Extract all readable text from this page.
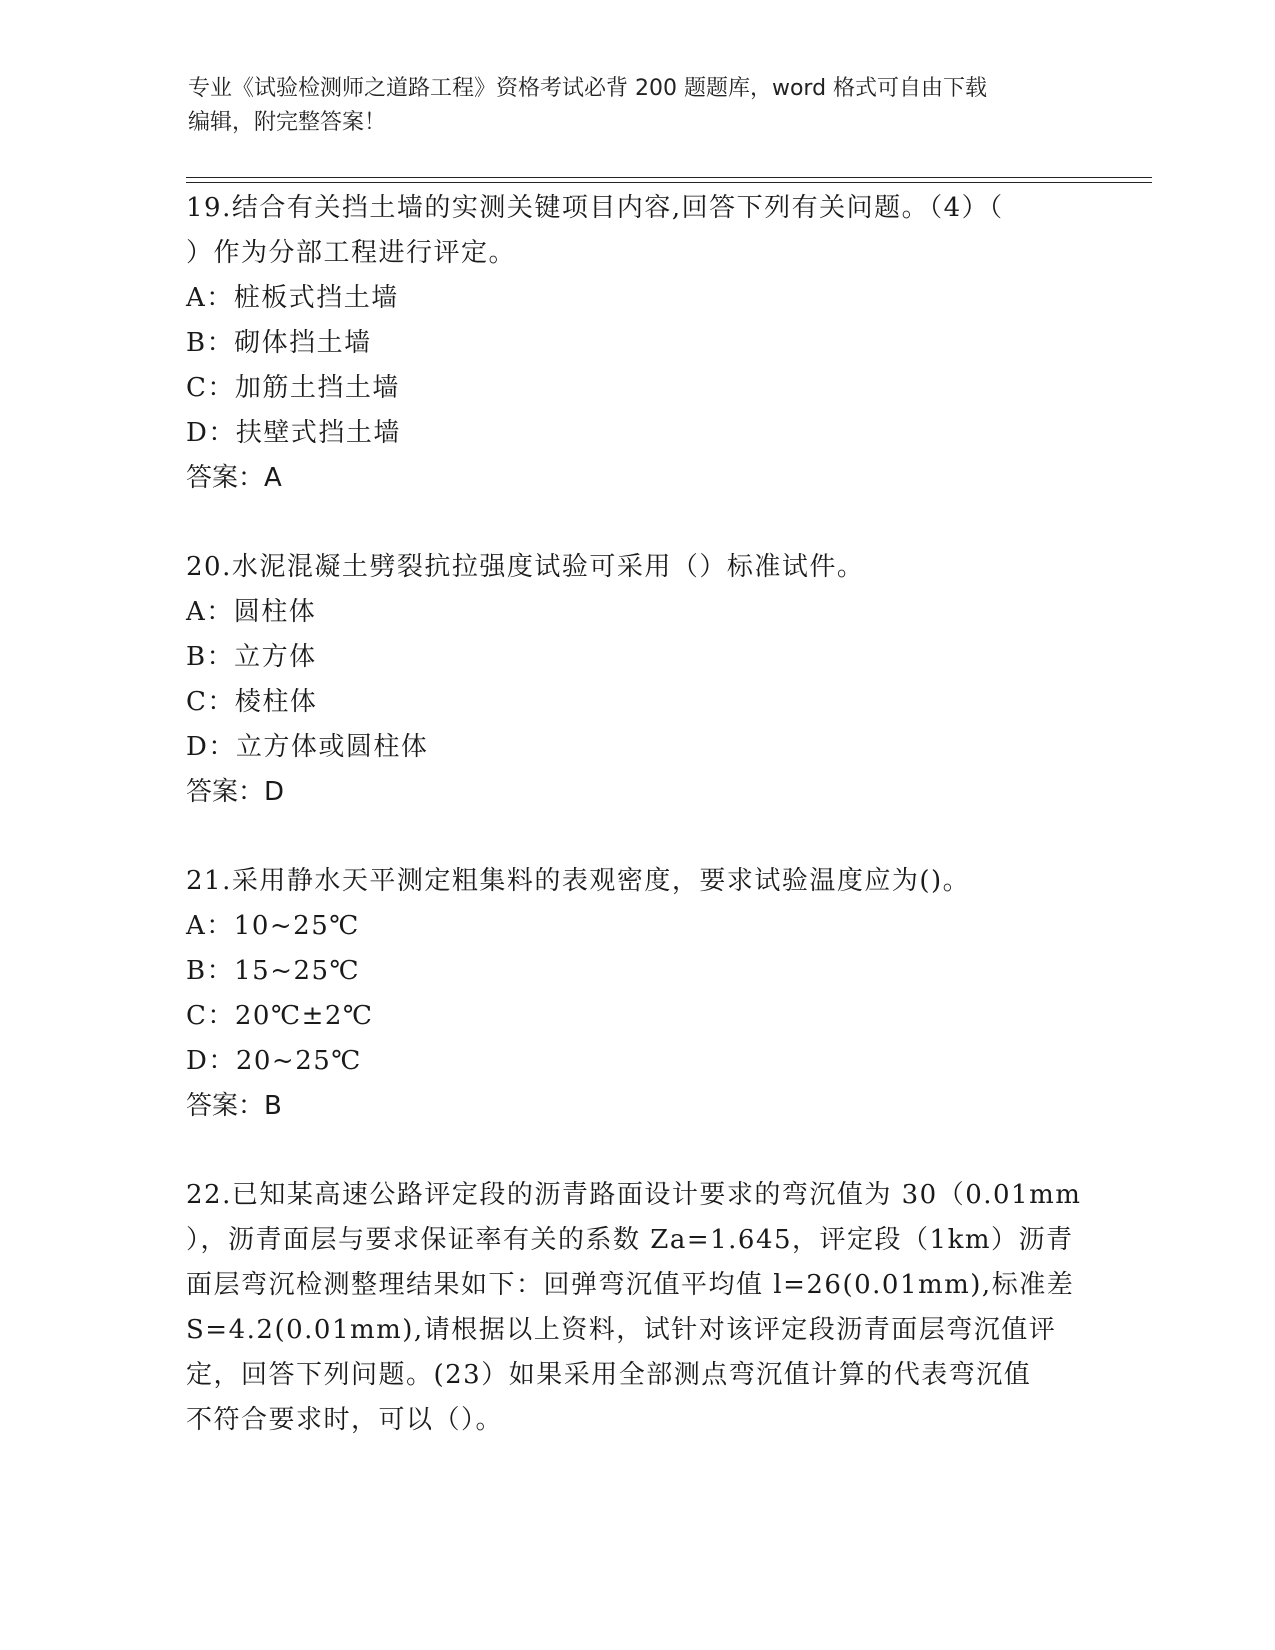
专业《试验检测师之道路工程》资格考试必背 200 题题库，word 格式可自由下载
编辑，附完整答案！
19.结合有关挡土墙的实测关键项目内容,回答下列有关问题。（4）（
）作为分部工程进行评定。
A：桩板式挡土墙
B：砌体挡土墙
C：加筋土挡土墙
D：扶壁式挡土墙
答案：A
20.水泥混凝土劈裂抗拉强度试验可采用（）标准试件。
A：圆柱体
B：立方体
C：棱柱体
D：立方体或圆柱体
答案：D
21.采用静水天平测定粗集料的表观密度，要求试验温度应为()。
A：10~25℃
B：15~25℃
C：20℃±2℃
D：20~25℃
答案：B
22.已知某高速公路评定段的沥青路面设计要求的弯沉值为 30（0.01mm
），沥青面层与要求保证率有关的系数 Za=1.645，评定段（1km）沥青
面层弯沉检测整理结果如下：回弹弯沉值平均值 l=26(0.01mm),标准差
S=4.2(0.01mm),请根据以上资料，试针对该评定段沥青面层弯沉值评
定，回答下列问题。(23）如果采用全部测点弯沉值计算的代表弯沉值
不符合要求时，可以（）。
